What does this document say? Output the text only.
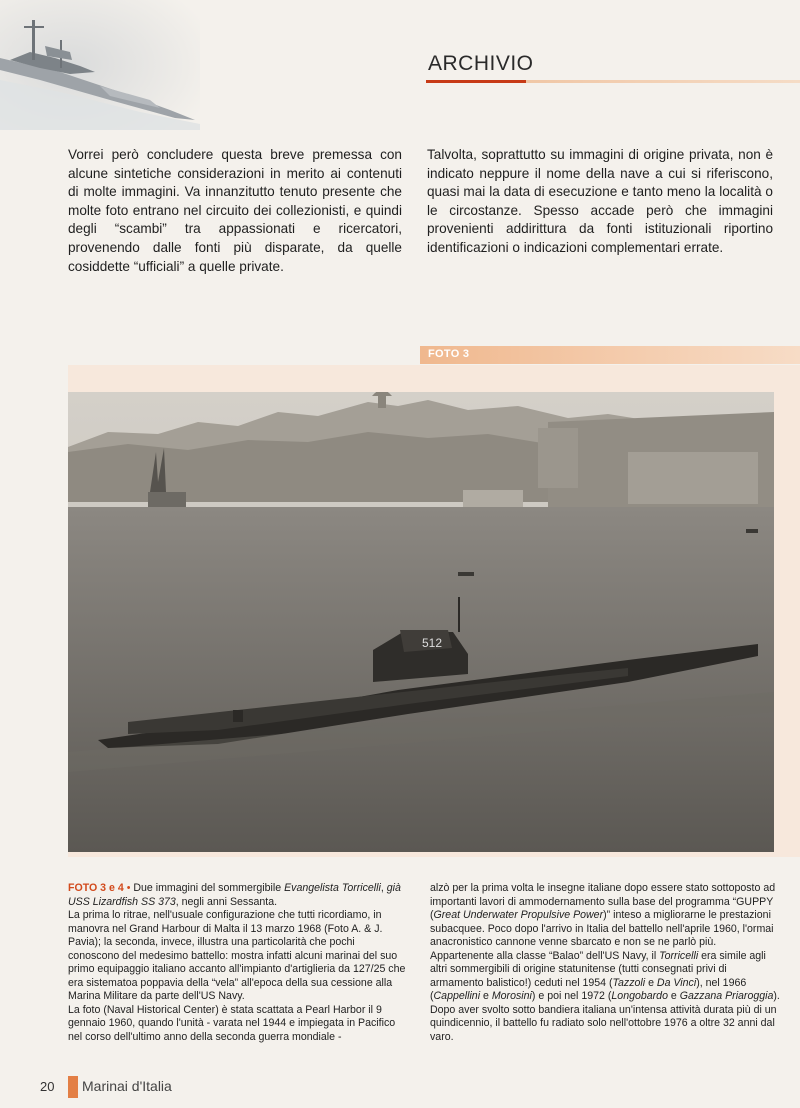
ARCHIVIO

Vorrei però concludere questa breve premessa con alcune sintetiche considerazioni in merito ai contenuti di molte immagini. Va innanzitutto tenuto presente che molte foto entrano nel circuito dei collezionisti, e quindi degli “scambi” tra appassionati e ricercatori, provenendo dalle fonti più disparate, da quelle cosiddette “ufficiali” a quelle private.

Talvolta, soprattutto su immagini di origine privata, non è indicato neppure il nome della nave a cui si riferiscono, quasi mai la data di esecuzione e tanto meno la località o le circostanze. Spesso accade però che immagini provenienti addirittura da fonti istituzionali riportino identificazioni o indicazioni complementari errate.

FOTO 3
512

FOTO 3 e 4 • Due immagini del sommergibile Evangelista Torricelli, già USS Lizardfish SS 373, negli anni Sessanta.
La prima lo ritrae, nell'usuale configurazione che tutti ricordiamo, in manovra nel Grand Harbour di Malta il 13 marzo 1968 (Foto A. & J. Pavia); la seconda, invece, illustra una particolarità che pochi conoscono del medesimo battello: mostra infatti alcuni marinai del suo primo equipaggio italiano accanto all'impianto d'artiglieria da 127/25 che era sistematoa poppavia della “vela” all'epoca della sua cessione alla Marina Militare da parte dell'US Navy.
La foto (Naval Historical Center) è stata scattata a Pearl Harbor il 9 gennaio 1960, quando l'unità - varata nel 1944 e impiegata in Pacifico nel corso dell'ultimo anno della seconda guerra mondiale -

alzò per la prima volta le insegne italiane dopo essere stato sottoposto ad importanti lavori di ammodernamento sulla base del programma “GUPPY (Great Underwater Propulsive Power)” inteso a migliorarne le prestazioni subacquee. Poco dopo l'arrivo in Italia del battello nell'aprile 1960, l'ormai anacronistico cannone venne sbarcato e non se ne parlò più.
Appartenente alla classe “Balao” dell'US Navy, il Torricelli era simile agli altri sommergibili di origine statunitense (tutti consegnati privi di armamento balistico!) ceduti nel 1954 (Tazzoli e Da Vinci), nel 1966 (Cappellini e Morosini) e poi nel 1972 (Longobardo e Gazzana Priaroggia).
Dopo aver svolto sotto bandiera italiana un'intensa attività durata più di un quindicennio, il battello fu radiato solo nell'ottobre 1976 a oltre 32 anni dal varo.

20 Marinai d'Italia
